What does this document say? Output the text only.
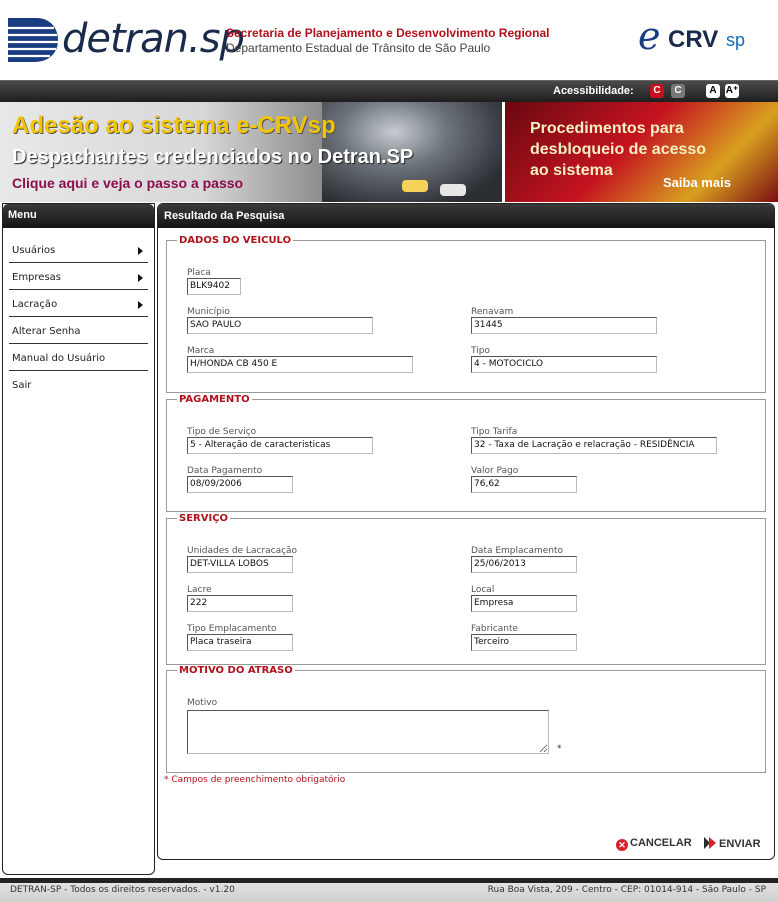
detran.sp
Secretaria de Planejamento e Desenvolvimento Regional
Departamento Estadual de Trânsito de São Paulo	e CRV sp
Acessibilidade:	C	C	A A⁺
Adesão ao sistema e-CRVsp
Despachantes credenciados no Detran.SP
Clique aqui e veja o passo a passo
Procedimentos para
desbloqueio de acesso
ao sistema
Saiba mais
Menu
Usuários
Empresas
Lacração
Alterar Senha
Manual do Usuário
Sair
Resultado da Pesquisa
DADOS DO VEICULO
Placa
BLK9402
Município
SAO PAULO
Renavam
31445
Marca
H/HONDA CB 450 E
Tipo
4 - MOTOCICLO
PAGAMENTO
Tipo de Serviço
5 - Alteração de caracteristicas
Tipo Tarifa
32 - Taxa de Lacração e relacração - RESIDÊNCIA
Data Pagamento
08/09/2006
Valor Pago
76,62
SERVIÇO
Unidades de Lacracação
DET-VILLA LOBOS
Data Emplacamento
25/06/2013
Lacre
222
Local
Empresa
Tipo Emplacamento
Placa traseira
Fabricante
Terceiro
MOTIVO DO ATRASO
Motivo
*
* Campos de preenchimento obrigatório
✕ CANCELAR	ENVIAR
DETRAN-SP - Todos os direitos reservados. - v1.20	Rua Boa Vista, 209 - Centro - CEP: 01014-914 - São Paulo - SP
